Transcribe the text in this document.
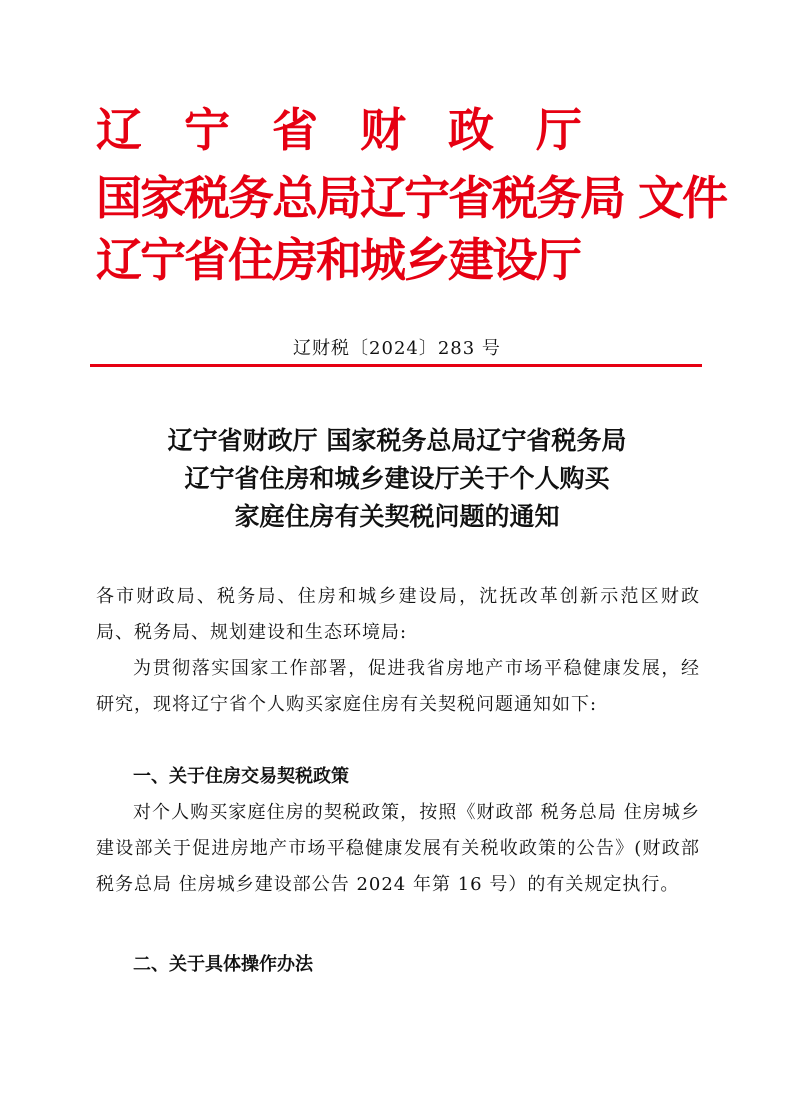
辽宁省财政厅
国家税务总局辽宁省税务局 文件
辽宁省住房和城乡建设厅
辽财税〔2024〕283 号
辽宁省财政厅 国家税务总局辽宁省税务局
辽宁省住房和城乡建设厅关于个人购买
家庭住房有关契税问题的通知
各市财政局、税务局、住房和城乡建设局，沈抚改革创新示范区财政局、税务局、规划建设和生态环境局:
为贯彻落实国家工作部署，促进我省房地产市场平稳健康发展，经研究，现将辽宁省个人购买家庭住房有关契税问题通知如下:
一、关于住房交易契税政策
对个人购买家庭住房的契税政策，按照《财政部 税务总局 住房城乡建设部关于促进房地产市场平稳健康发展有关税收政策的公告》(财政部 税务总局 住房城乡建设部公告 2024 年第 16 号）的有关规定执行。
二、关于具体操作办法
